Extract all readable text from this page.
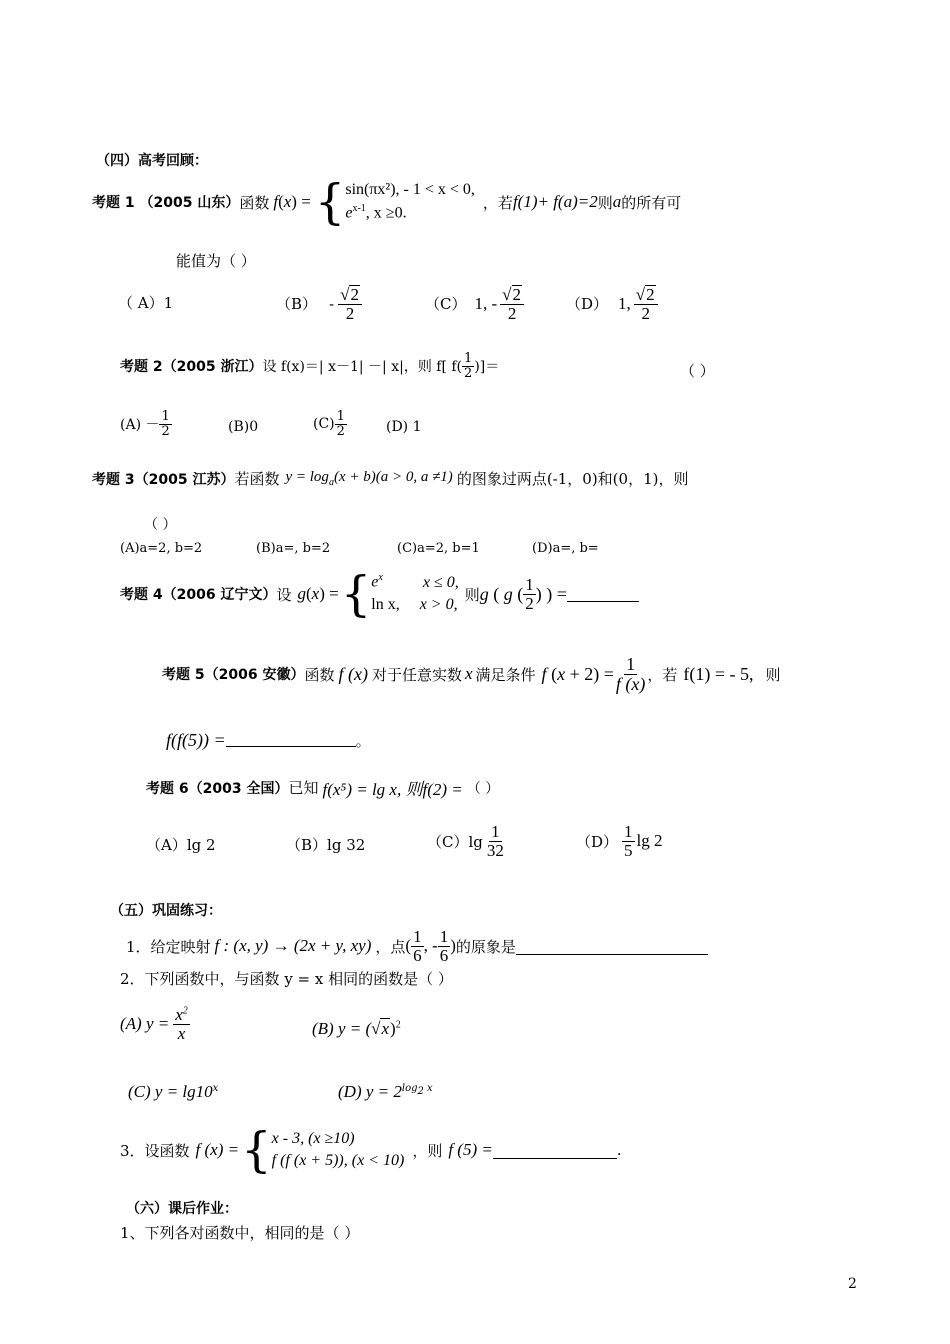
（四）高考回顾：
考题 1 （2005 山东） 函数 f(x) = { sin(πx²), - 1 < x < 0,
$e^{x-1}$, x ≥0.
，若 f(1)+ f(a)=2 则 a 的所有可
能值为（ ）
（ A）1	$(B) - \frac{√2}{2}$	（C） 1, - $\frac{√2}{2}$	（D） 1, $\frac{√2}{2}$
考题 2（2005 浙江） 设 f(x)＝| x－1| －| x|，则 f[ $f( \frac{1}{2}$ )]＝	（ ）
$(A) - \frac{1}{2}$	(B)0	$(C) \frac{1}{2}$	(D) 1
考题 3（2005 江苏） 若函数 $y = \log_a(x + b)(a > 0$, a ≠1) 的图象过两点(-1，0)和(0，1)，则
（ ）
(A)a=2, b=2	(B)a=, b=2	(C)a=2, b=1	(D)a=, b=
考题 4（2006 辽宁文） 设 g(x) = { $e^x$	x ≤ 0,
ln x, x > 0,
则 g ( g ( $\frac{1}{2}$ ) ) =
考题 5（2006 安徽） 函数 f (x) 对于任意实数 x 满足条件 f $(x + 2) = \frac{1}{f (x)}$ ，若 f(1) = - 5, 则
f(f(5)) =	。
考题 6（2003 全国） 已知 f(x⁵) = lg x, 则f(2) = （ ）
（A）lg 2	（B）lg 32	$(C)\lg \frac{1}{32}$	$(D) \frac{1}{5}$ lg 2
（五）巩固练习：
1．给定映射 f : (x, y) → (2x + y, xy) ，点 ( $\frac{1}{6}$ , - $\frac{1}{6}$ ) 的原象是
2．下列函数中，与函数 y = x 相同的函数是（ ）
(A) $y = \frac{x^2}{x}$	(B) y = ( √x)$^2$
(C) $y = \lg 10^x$	(D) $y = 2^{log_2 x}$
3．设函数 f (x) = { x - 3, (x ≥10)
f (f (x + 5)), (x < 10)
，则 f (5) =	.
（六）课后作业：
1、下列各对函数中，相同的是（ ）
2
